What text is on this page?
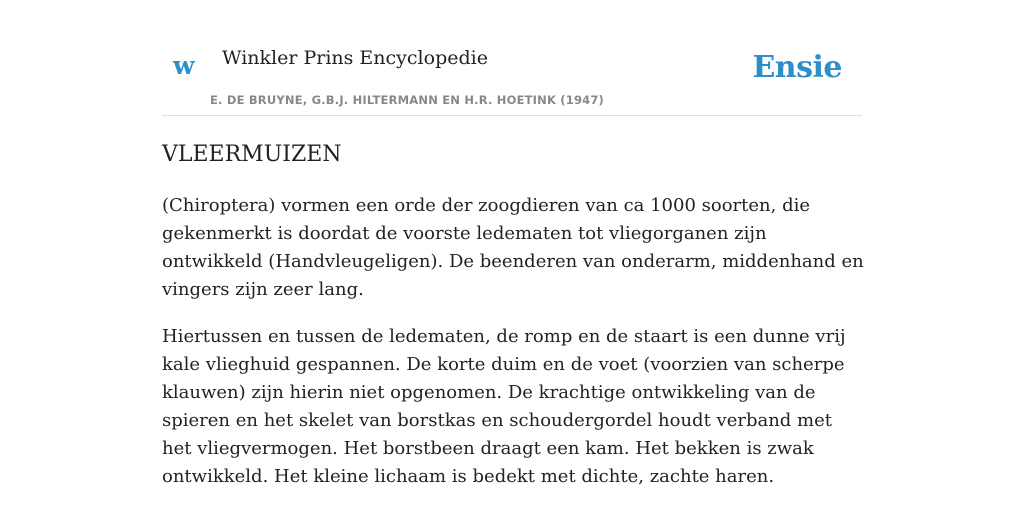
w Winkler Prins Encyclopedie
E. DE BRUYNE, G.B.J. HILTERMANN EN H.R. HOETINK (1947)
Ensie
VLEERMUIZEN

(Chiroptera) vormen een orde der zoogdieren van ca 1000 soorten, die gekenmerkt is doordat de voorste ledematen tot vliegorganen zijn ontwikkeld (Handvleugeligen). De beenderen van onderarm, middenhand en vingers zijn zeer lang.

Hiertussen en tussen de ledematen, de romp en de staart is een dunne vrij kale vlieghuid gespannen. De korte duim en de voet (voorzien van scherpe klauwen) zijn hierin niet opgenomen. De krachtige ontwikkeling van de spieren en het skelet van borstkas en schoudergordel houdt verband met het vliegvermogen. Het borstbeen draagt een kam. Het bekken is zwak ontwikkeld. Het kleine lichaam is bedekt met dichte, zachte haren.
